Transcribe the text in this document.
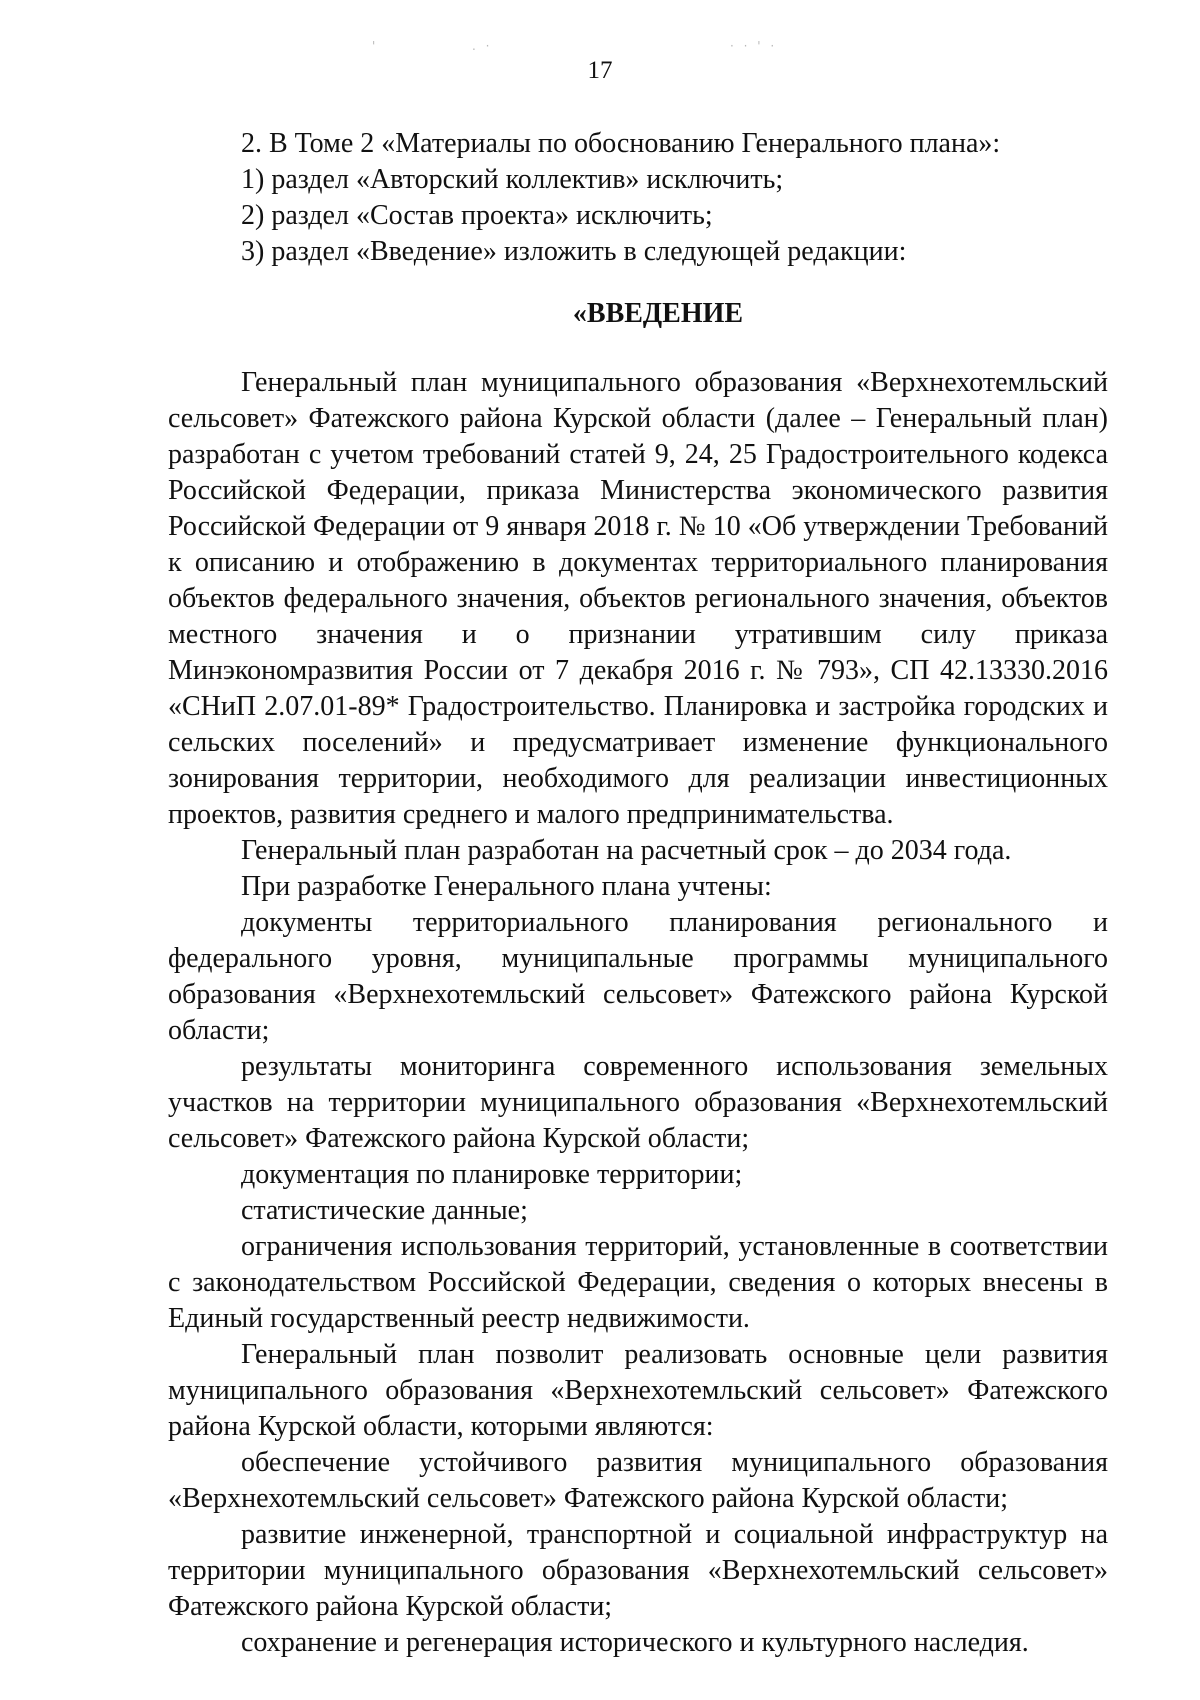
'	. ·	· · ' ·
17

2. В Томе 2 «Материалы по обоснованию Генерального плана»:

1) раздел «Авторский коллектив» исключить;

2) раздел «Состав проекта» исключить;

3) раздел «Введение» изложить в следующей редакции:

«ВВЕДЕНИЕ

Генеральный план муниципального образования «Верхнехотемльский сельсовет» Фатежского района Курской области (далее – Генеральный план) разработан с учетом требований статей 9, 24, 25 Градостроительного кодекса Российской Федерации, приказа Министерства экономического развития Российской Федерации от 9 января 2018 г. № 10 «Об утверждении Требований к описанию и отображению в документах территориального планирования объектов федерального значения, объектов регионального значения, объектов местного значения и о признании утратившим силу приказа Минэкономразвития России от 7 декабря 2016 г. № 793», СП 42.13330.2016 «СНиП 2.07.01-89* Градостроительство. Планировка и застройка городских и сельских поселений» и предусматривает изменение функционального зонирования территории, необходимого для реализации инвестиционных проектов, развития среднего и малого предпринимательства.

Генеральный план разработан на расчетный срок – до 2034 года.

При разработке Генерального плана учтены:

документы территориального планирования регионального и федерального уровня, муниципальные программы муниципального образования «Верхнехотемльский сельсовет» Фатежского района Курской области;

результаты мониторинга современного использования земельных участков на территории муниципального образования «Верхнехотемльский сельсовет» Фатежского района Курской области;

документация по планировке территории;

статистические данные;

ограничения использования территорий, установленные в соответствии с законодательством Российской Федерации, сведения о которых внесены в Единый государственный реестр недвижимости.

Генеральный план позволит реализовать основные цели развития муниципального образования «Верхнехотемльский сельсовет» Фатежского района Курской области, которыми являются:

обеспечение устойчивого развития муниципального образования «Верхнехотемльский сельсовет» Фатежского района Курской области;

развитие инженерной, транспортной и социальной инфраструктур на территории муниципального образования «Верхнехотемльский сельсовет» Фатежского района Курской области;

сохранение и регенерация исторического и культурного наследия.
